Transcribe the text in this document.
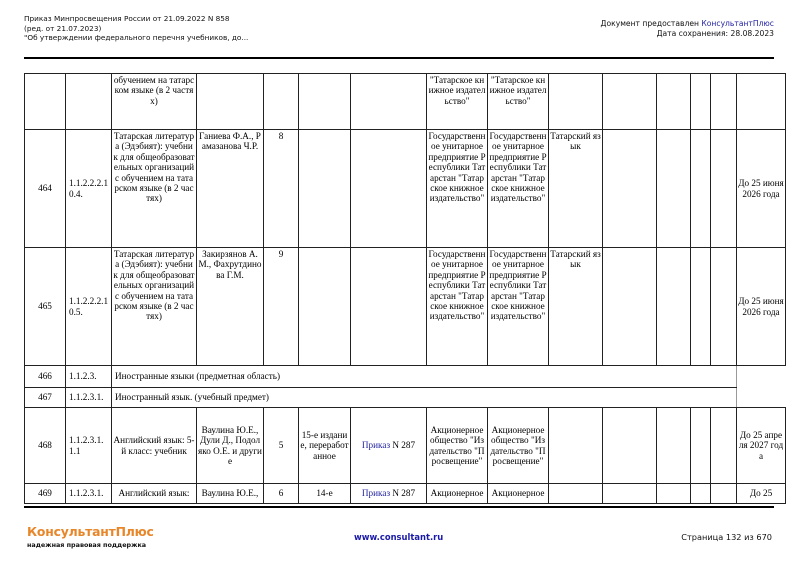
Приказ Минпросвещения России от 21.09.2022 N 858
(ред. от 21.07.2023)
"Об утверждении федерального перечня учебников, до...
Документ предоставлен КонсультантПлюс
Дата сохранения: 28.08.2023
		обучением на татарском языке (в 2 частях)					"Татарское книжное издательство"	"Татарское книжное издательство"						
464	1.1.2.2.2.10.4.	Татарская литература (Эдэбият): учебник для общеобразовательных организаций с обучением на татарском языке (в 2 частях)	Ганиева Ф.А., Рамазанова Ч.Р.	8			Государственное унитарное предприятие Республики Татарстан "Татарское книжное издательство"	Государственное унитарное предприятие Республики Татарстан "Татарское книжное издательство"	Татарский язык					До 25 июня 2026 года
465	1.1.2.2.2.10.5.	Татарская литература (Эдэбият): учебник для общеобразовательных организаций с обучением на татарском языке (в 2 частях)	Закирзянов А.М., Фахрутдинова Г.М.	9			Государственное унитарное предприятие Республики Татарстан "Татарское книжное издательство"	Государственное унитарное предприятие Республики Татарстан "Татарское книжное издательство"	Татарский язык					До 25 июня 2026 года
466	1.1.2.3.	Иностранные языки (предметная область)												
467	1.1.2.3.1.	Иностранный язык. (учебный предмет)												
468	1.1.2.3.1.1.1	Английский язык: 5-й класс: учебник	Ваулина Ю.Е., Дули Д., Подоляко О.Е. и другие	5	15-е издание, переработанное	Приказ N 287	Акционерное общество "Издательство "Просвещение"	Акционерное общество "Издательство "Просвещение"						До 25 апреля 2027 года
469	1.1.2.3.1.	Английский язык:	Ваулина Ю.Е.,	6	14-е	Приказ N 287	Акционерное	Акционерное						До 25
КонсультантПлюс
надежная правовая поддержка
www.consultant.ru	Страница 132 из 670
